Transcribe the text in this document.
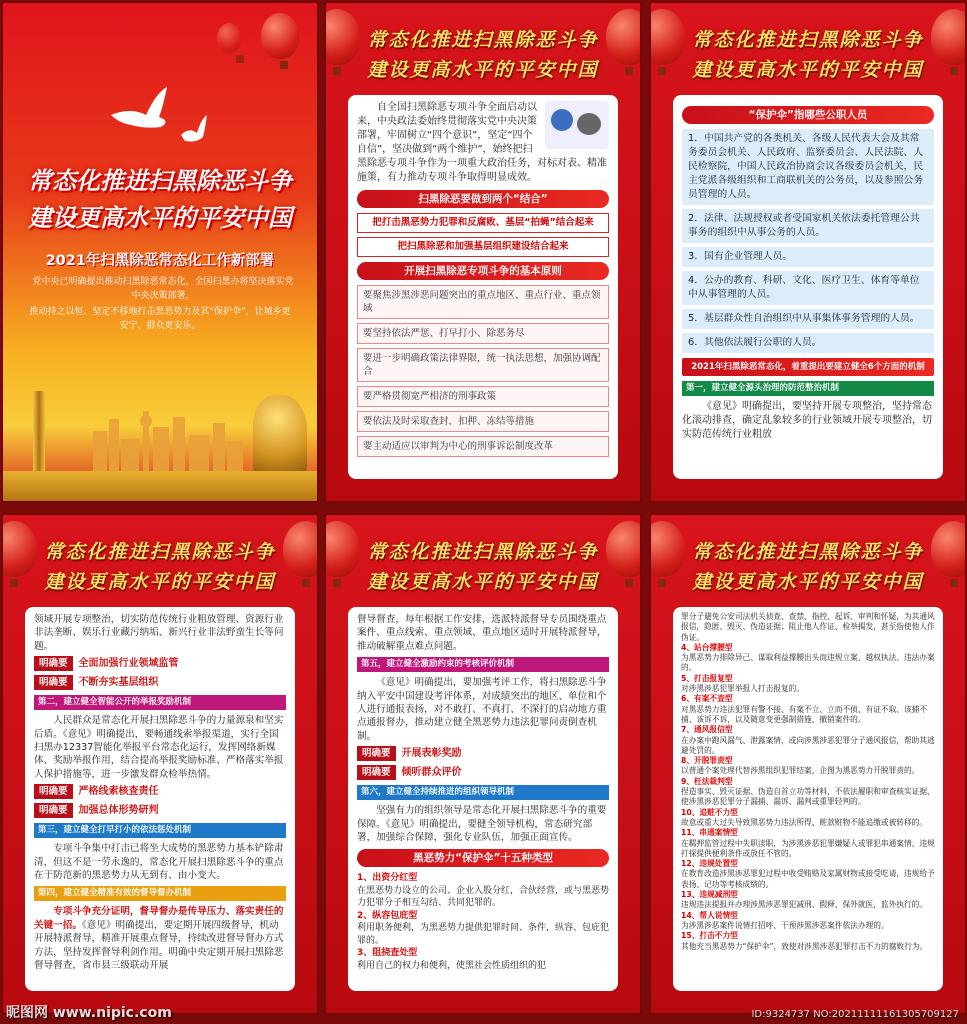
常态化推进扫黑除恶斗争
建设更高水平的平安中国
2021年扫黑除恶常态化工作新部署
党中央已明确提出推动扫黑除恶常态化，全国扫黑办将坚决落实党中央决策部署，
推动持之以恒、坚定不移地打击黑恶势力及其“保护伞”，让城乡更安宁、群众更安乐。
常态化推进扫黑除恶斗争
建设更高水平的平安中国
自全国扫黑除恶专项斗争全面启动以来，中央政法委始终贯彻落实党中央决策部署，牢固树立“四个意识”，坚定“四个自信”，坚决做到“两个维护”，始终把扫黑除恶专项斗争作为一项重大政治任务，对标对表、精准施策，有力推动专项斗争取得明显成效。
扫黑除恶要做到两个“结合”
把打击黑恶势力犯罪和反腐败、基层“拍蝇”结合起来
把扫黑除恶和加强基层组织建设结合起来
开展扫黑除恶专项斗争的基本原则
要聚焦涉黑涉恶问题突出的重点地区、重点行业、重点领域
要坚持依法严惩、打早打小、除恶务尽
要进一步明确政策法律界限，统一执法思想，加强协调配合
要严格贯彻宽严相济的刑事政策
要依法及时采取查封、扣押、冻结等措施
要主动适应以审判为中心的刑事诉讼制度改革
常态化推进扫黑除恶斗争
建设更高水平的平安中国
“保护伞”指哪些公职人员
1．中国共产党的各类机关、各级人民代表大会及其常务委员会机关、人民政府、监察委员会、人民法院、人民检察院，中国人民政治协商会议各级委员会机关，民主党派各级组织和工商联机关的公务员，以及参照公务员管理的人员。
2．法律、法规授权或者受国家机关依法委托管理公共事务的组织中从事公务的人员。
3．国有企业管理人员。
4．公办的教育、科研、文化、医疗卫生、体育等单位中从事管理的人员。
5．基层群众性自治组织中从事集体事务管理的人员。
6．其他依法履行公职的人员。
2021年扫黑除恶常态化，着重提出要建立健全6个方面的机制
第一，建立健全源头治理的防范整治机制
《意见》明确提出，要坚持开展专项整治，坚持常态化滚动排查，确定乱象较多的行业领域开展专项整治，切实防范传统行业粗放
常态化推进扫黑除恶斗争
建设更高水平的平安中国
领域开展专项整治，切实防范传统行业粗放管理、资源行业非法垄断、娱乐行业藏污纳垢、新兴行业非法野蛮生长等问题。
明确要 全面加强行业领域监管
明确要 不断夯实基层组织
第二，建立健全智能公开的举报奖励机制
人民群众是常态化开展扫黑除恶斗争的力量源泉和坚实后盾。《意见》明确提出，要畅通线索举报渠道，实行全国扫黑办12337智能化举报平台常态化运行，发挥网络新媒体、奖励举报作用，结合提高举报奖励标准、严格落实举报人保护措施等，进一步激发群众检举热情。
明确要 严格线索核查责任
明确要 加强总体形势研判
第三，建立健全打早打小的依法惩处机制
专项斗争集中打击已将坐大成势的黑恶势力基本铲除肃清，但这不是一劳永逸的，常态化开展扫黑除恶斗争的重点在于防范新的黑恶势力从无到有、由小变大。
第四，建立健全精准有效的督导督办机制
专项斗争充分证明，督导督办是传导压力、落实责任的关键一招。《意见》明确提出，要定期开展四级督导，机动开展特派督导，精准开展重点督导，持续改进督导督办方式方法，坚持发挥督导利剑作用。明确中央定期开展扫黑除恶督导督查，省市县三级联动开展
常态化推进扫黑除恶斗争
建设更高水平的平安中国
督导督查，每年根据工作安排，选派特派督导专员围绕重点案件、重点线索、重点领域、重点地区适时开展特派督导，推动破解重点难点问题。
第五，建立健全激励约束的考核评价机制
《意见》明确提出，要加强考评工作，将扫黑除恶斗争纳入平安中国建设考评体系，对成绩突出的地区、单位和个人进行通报表扬，对不敢打、不真打、不深打的启动地方重点通报督办，推动建立健全黑恶势力违法犯罪问责倒查机制。
明确要 开展表彰奖励
明确要 倾听群众评价
第六，建立健全持续推进的组织领导机制
坚强有力的组织领导是常态化开展扫黑除恶斗争的重要保障。《意见》明确提出，要健全领导机构，常态研究部署，加强综合保障，强化专业队伍，加强正面宣传。
黑恶势力“保护伞”十五种类型
1、出资分红型
在黑恶势力设立的公司、企业入股分红，合伙经营，或与黑恶势力犯罪分子相互勾结、共同犯罪的。
2、纵容包庇型
利用职务便利，为黑恶势力提供犯罪时间、条件，纵容、包庇犯罪的。
3、阻挠查处型
利用自己的权力和便利，使黑社会性质组织的犯
常态化推进扫黑除恶斗争
建设更高水平的平安中国
罪分子避免公安司法机关侦查、查禁、指控、起诉、审判和怀疑，为其通风报信，隐匿、毁灭、伪造证据；阻止他人作证、检举揭发，甚至指使他人作伪证。
4、站台撑腰型
为黑恶势力排除异己、谋取利益撑腰出头而违规立案、越权执法、违法办案的。
5、打击报复型
对涉黑涉恶犯罪举报人打击报复的。
6、有案不查型
对黑恶势力违法犯罪有警不接、有案不立、立而不侦、有证不取、该捕不捕、该诉不诉，以及随意变更强制措施、撤销案件的。
7、通风报信型
在办案中跑风漏气、泄露案情，或向涉黑涉恶犯罪分子通风报信，帮助其逃避处罚的。
8、开脱罪责型
以普通个案处理代替涉黑组织犯罪结案，企图为黑恶势力开脱罪责的。
9、枉法裁判型
捏造事实、毁灭证据、伪造自首立功等材料，不依法履职和审查核实证据，使涉黑涉恶犯罪分子漏捕、漏诉、漏判或重罪轻判的。
10、追赃不力型
故意或重大过失导致黑恶势力违法所得、赃款赃物不能追缴或被转移的。
11、串通案情型
在羁押监管过程中失职渎职，为涉黑涉恶犯罪嫌疑人或罪犯串通案情、违规打探提供便利条件或放任不管的。
12、违规处置型
在教育改造涉黑涉恶罪犯过程中收受贿赂及家属财物或接受吃请，违规给予表扬、记功等考核成绩的。
13、违规减刑型
违规违法提报并办理涉黑涉恶罪犯减刑、假释、保外就医，监外执行的。
14、帮人说情型
为涉黑涉恶案件说情打招呼、干预涉黑涉恶案件依法办理的。
15、打击不力型
其他充当黑恶势力“保护伞”，致使对涉黑涉恶犯罪打击不力的腐败行为。
昵图网 www.nipic.com	ID:9324737 NO:20211111161305709127
